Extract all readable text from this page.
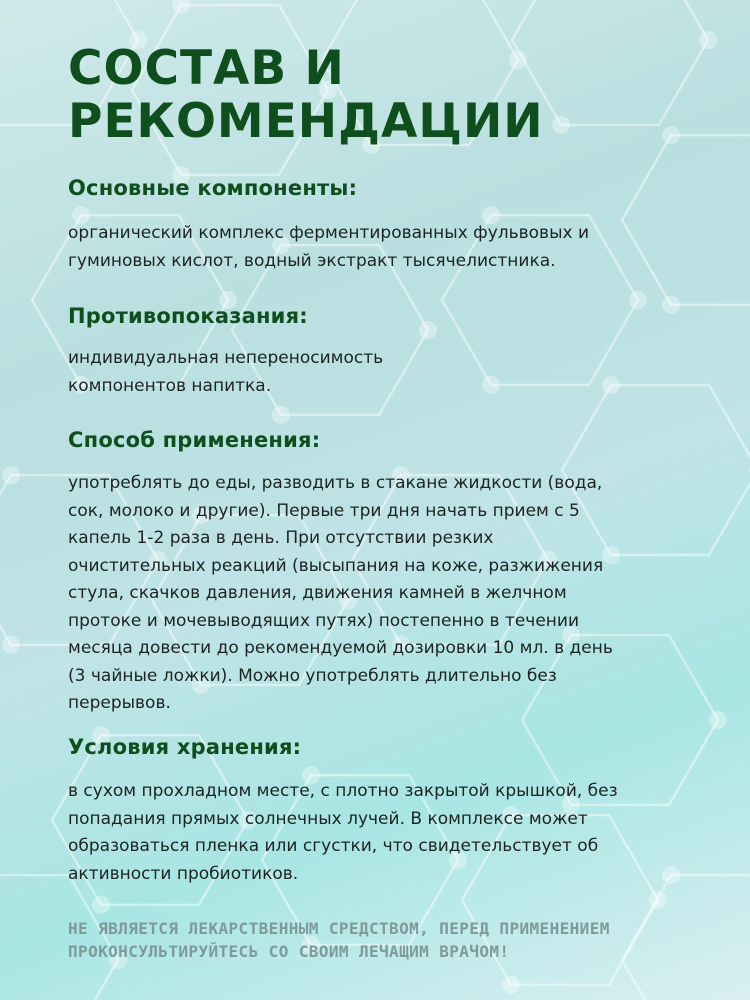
СОСТАВ И
РЕКОМЕНДАЦИИ
Основные компоненты:
органический комплекс ферментированных фульвовых и
гуминовых кислот, водный экстракт тысячелистника.
Противопоказания:
индивидуальная непереносимость
компонентов напитка.
Способ применения:
употреблять до еды, разводить в стакане жидкости (вода,
сок, молоко и другие). Первые три дня начать прием с 5
капель 1-2 раза в день. При отсутствии резких
очистительных реакций (высыпания на коже, разжижения
стула, скачков давления, движения камней в желчном
протоке и мочевыводящих путях) постепенно в течении
месяца довести до рекомендуемой дозировки 10 мл. в день
(3 чайные ложки). Можно употреблять длительно без
перерывов.
Условия хранения:
в сухом прохладном месте, с плотно закрытой крышкой, без
попадания прямых солнечных лучей. В комплексе может
образоваться пленка или сгустки, что свидетельствует об
активности пробиотиков.
НЕ ЯВЛЯЕТСЯ ЛЕКАРСТВЕННЫМ СРЕДСТВОМ, ПЕРЕД ПРИМЕНЕНИЕМ
ПРОКОНСУЛЬТИРУЙТЕСЬ СО СВОИМ ЛЕЧАЩИМ ВРАЧОМ!
